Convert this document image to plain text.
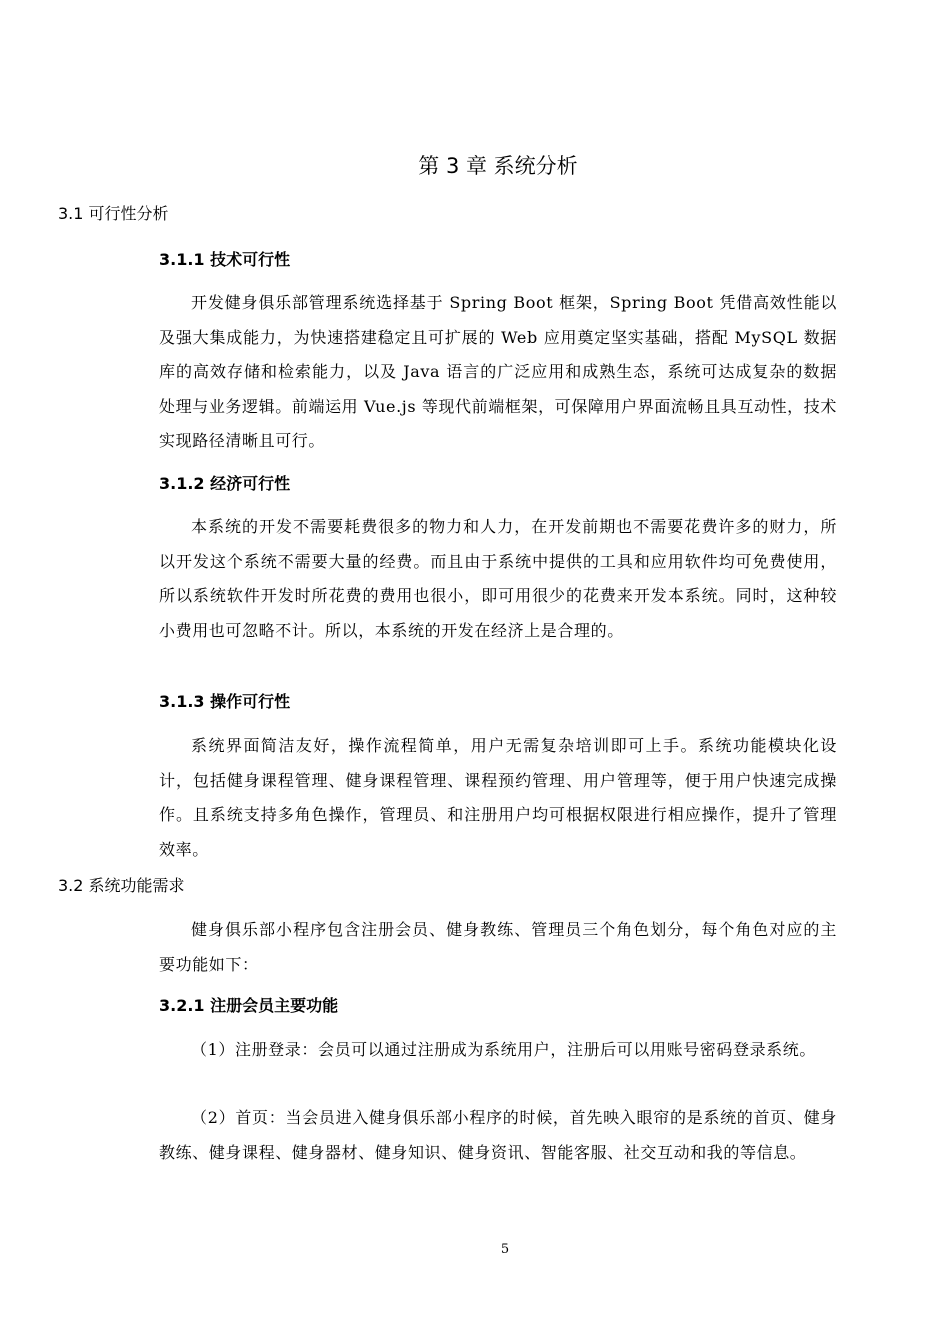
第 3 章 系统分析
3.1 可行性分析
3.1.1 技术可行性

开发健身俱乐部管理系统选择基于 Spring Boot 框架，Spring Boot 凭借高效性能以及强大集成能力，为快速搭建稳定且可扩展的 Web 应用奠定坚实基础，搭配 MySQL 数据库的高效存储和检索能力，以及 Java 语言的广泛应用和成熟生态，系统可达成复杂的数据处理与业务逻辑。前端运用 Vue.js 等现代前端框架，可保障用户界面流畅且具互动性，技术实现路径清晰且可行。

3.1.2 经济可行性

本系统的开发不需要耗费很多的物力和人力，在开发前期也不需要花费许多的财力，所以开发这个系统不需要大量的经费。而且由于系统中提供的工具和应用软件均可免费使用，所以系统软件开发时所花费的费用也很小，即可用很少的花费来开发本系统。同时，这种较小费用也可忽略不计。所以，本系统的开发在经济上是合理的。

3.1.3 操作可行性

系统界面简洁友好，操作流程简单，用户无需复杂培训即可上手。系统功能模块化设计，包括健身课程管理、健身课程管理、课程预约管理、用户管理等，便于用户快速完成操作。且系统支持多角色操作，管理员、和注册用户均可根据权限进行相应操作，提升了管理效率。

3.2 系统功能需求

健身俱乐部小程序包含注册会员、健身教练、管理员三个角色划分，每个角色对应的主要功能如下：

3.2.1 注册会员主要功能

（1）注册登录：会员可以通过注册成为系统用户，注册后可以用账号密码登录系统。

（2）首页：当会员进入健身俱乐部小程序的时候，首先映入眼帘的是系统的首页、健身教练、健身课程、健身器材、健身知识、健身资讯、智能客服、社交互动和我的等信息。

5
